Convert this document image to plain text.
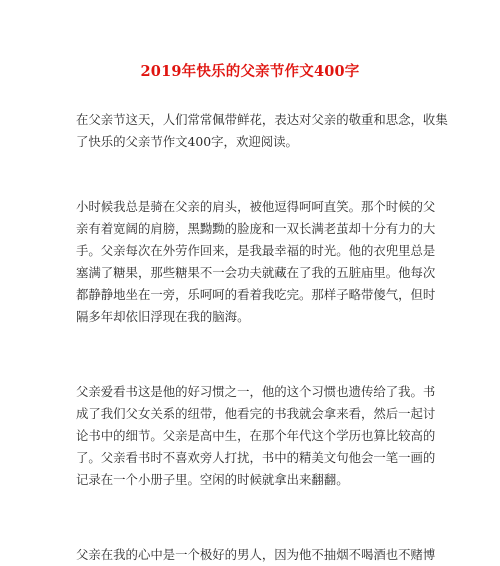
2019年快乐的父亲节作文400字

在父亲节这天，人们常常佩带鲜花，表达对父亲的敬重和思念，收集
了快乐的父亲节作文400字，欢迎阅读。

小时候我总是骑在父亲的肩头，被他逗得呵呵直笑。那个时候的父
亲有着宽阔的肩膀，黑黝黝的脸庞和一双长满老茧却十分有力的大
手。父亲每次在外劳作回来，是我最幸福的时光。他的衣兜里总是
塞满了糖果，那些糖果不一会功夫就藏在了我的五脏庙里。他每次
都静静地坐在一旁，乐呵呵的看着我吃完。那样子略带傻气，但时
隔多年却依旧浮现在我的脑海。

父亲爱看书这是他的好习惯之一，他的这个习惯也遗传给了我。书
成了我们父女关系的纽带，他看完的书我就会拿来看，然后一起讨
论书中的细节。父亲是高中生，在那个年代这个学历也算比较高的
了。父亲看书时不喜欢旁人打扰，书中的精美文句他会一笔一画的
记录在一个小册子里。空闲的时候就拿出来翻翻。

父亲在我的心中是一个极好的男人，因为他不抽烟不喝酒也不赌博
